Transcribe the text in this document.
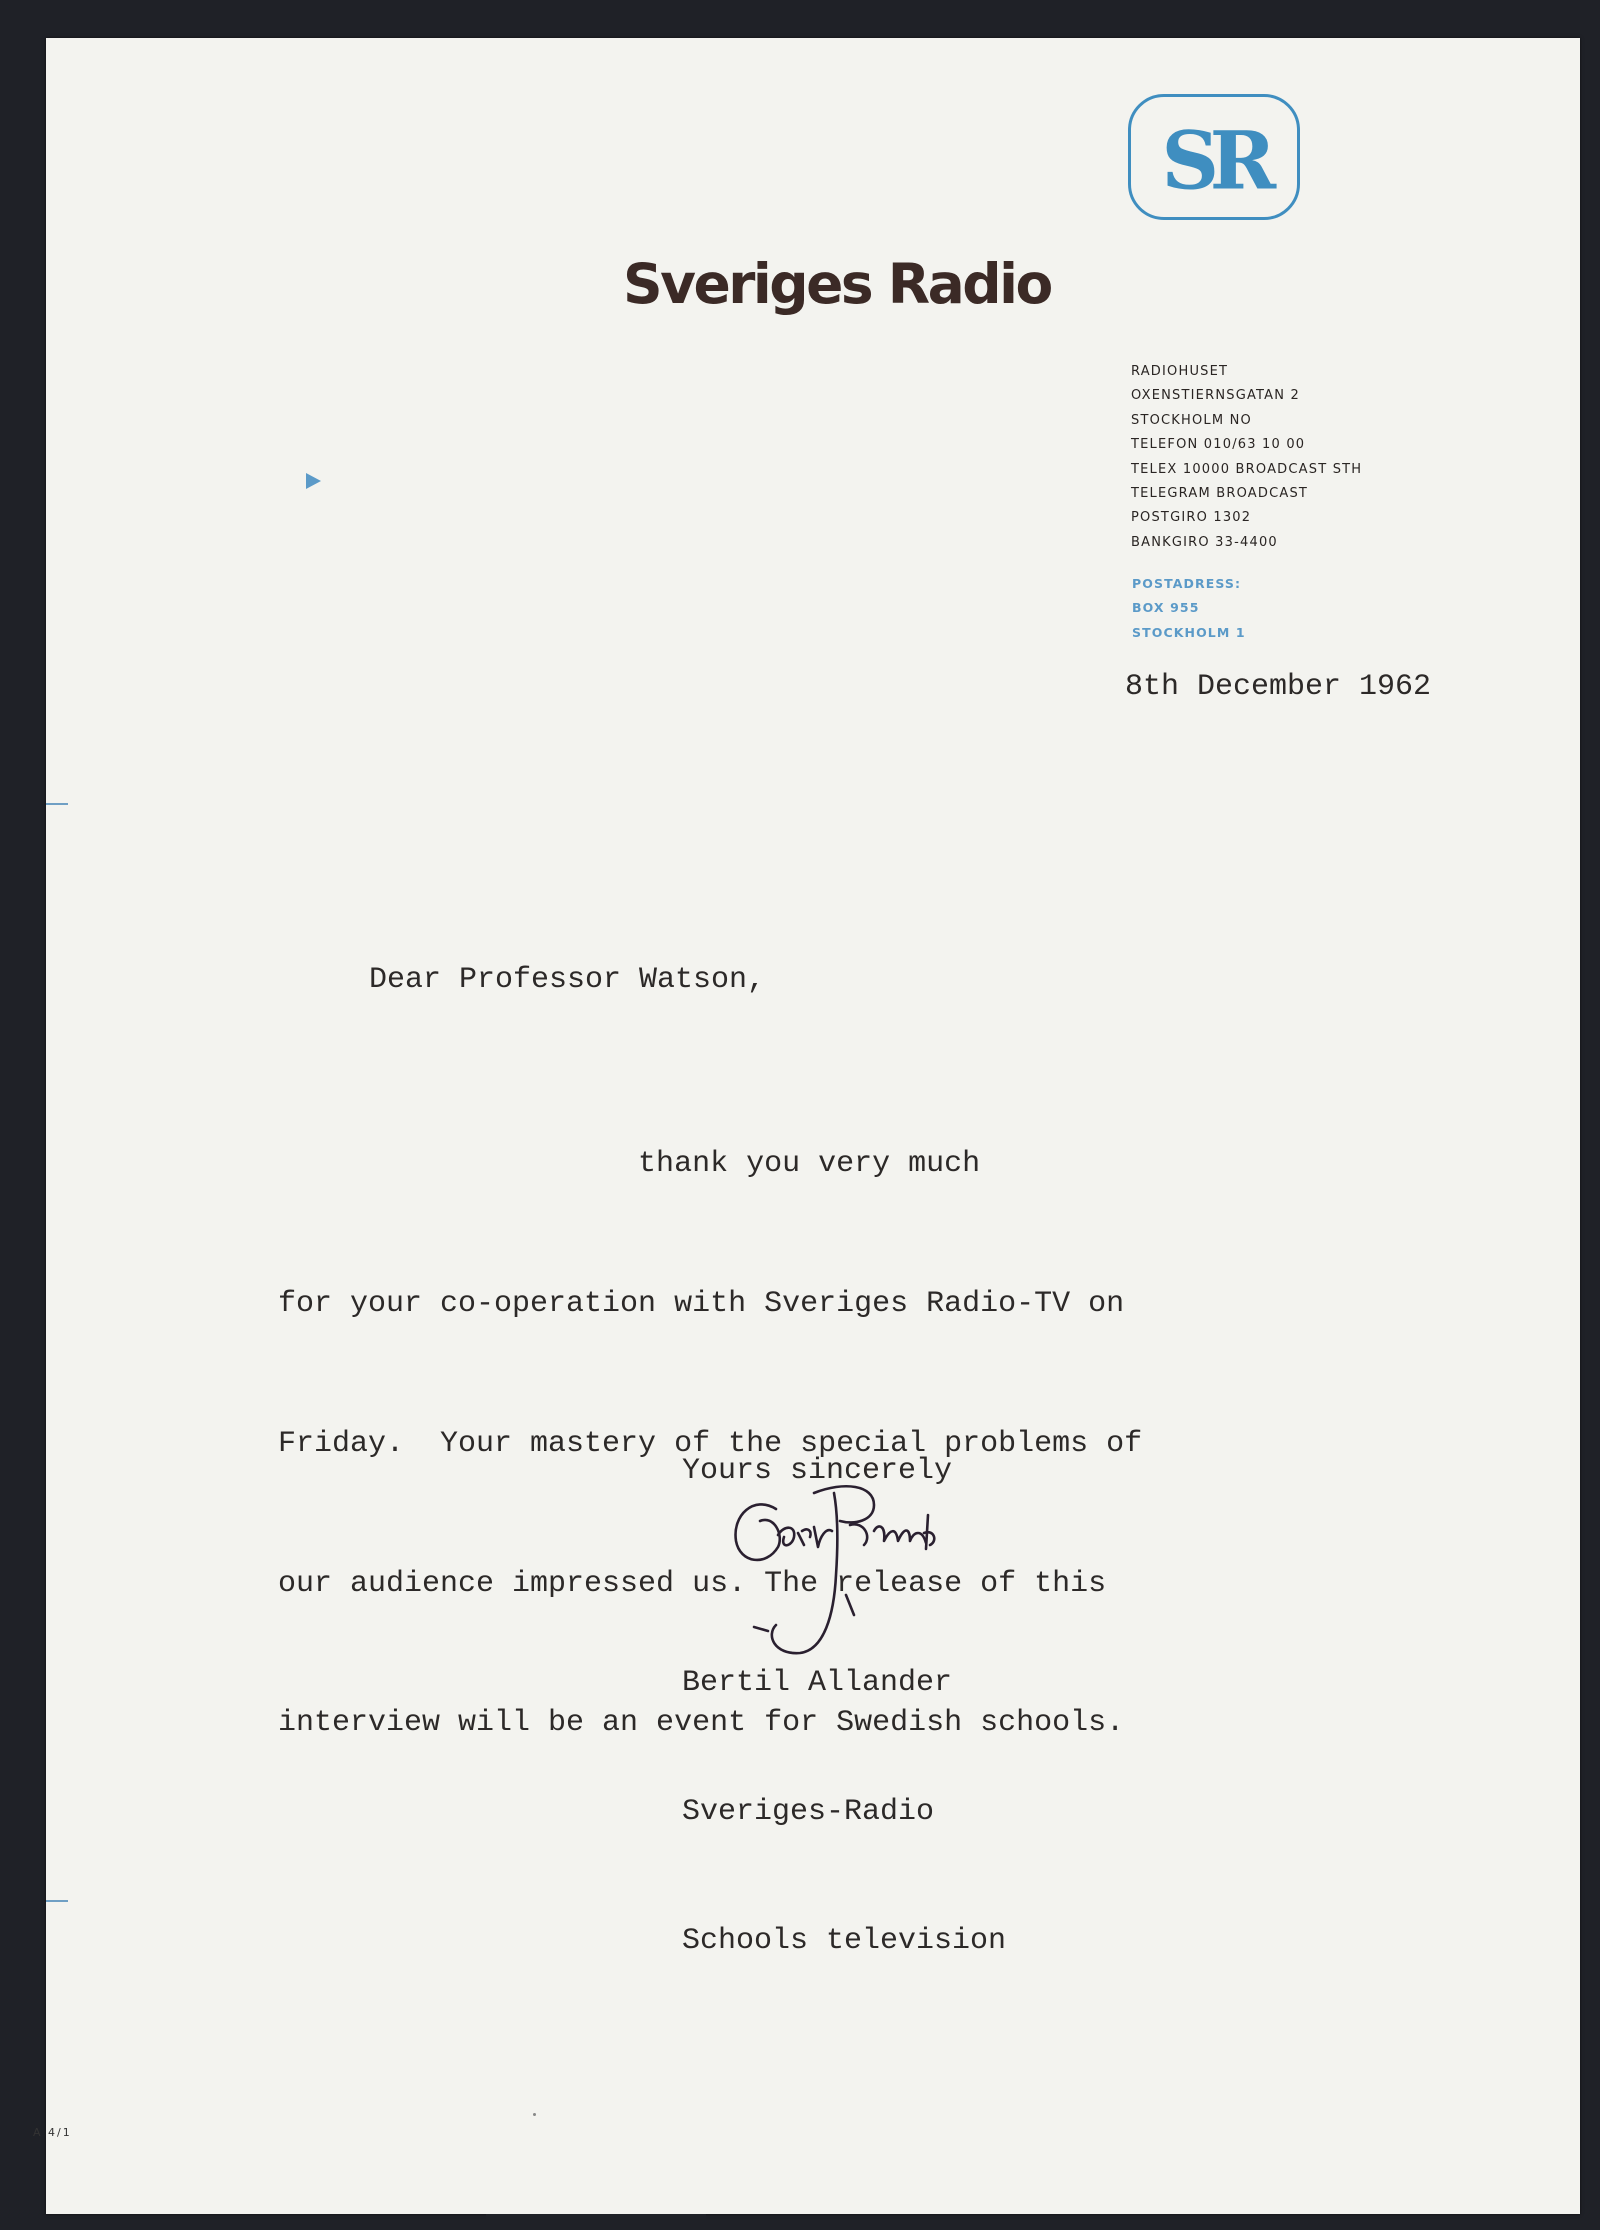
SR
Sveriges Radio
RADIOHUSET
OXENSTIERNSGATAN 2
STOCKHOLM NO
TELEFON 010/63 10 00
TELEX 10000 BROADCAST STH
TELEGRAM BROADCAST
POSTGIRO 1302
BANKGIRO 33-4400
POSTADRESS:
BOX 955
STOCKHOLM 1
8th December 1962
Dear Professor Watson,

thank you very much

for your co-operation with Sveriges Radio-TV on

Friday.  Your mastery of the special problems of

our audience impressed us. The release of this

interview will be an event for Swedish schools.

Yours sincerely

Bertil Allander

Sveriges-Radio

Schools television

A 4/1
